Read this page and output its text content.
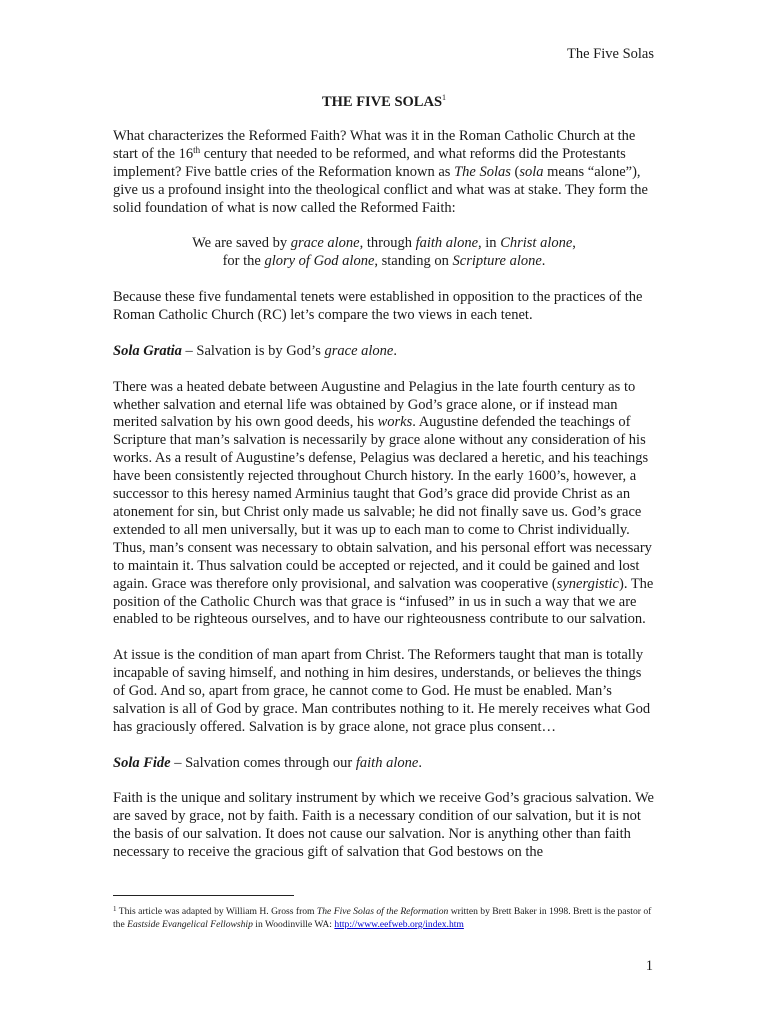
The Five Solas
THE FIVE SOLAS$^1$

What characterizes the Reformed Faith? What was it in the Roman Catholic Church at the start of the 16th century that needed to be reformed, and what reforms did the Protestants implement? Five battle cries of the Reformation known as The Solas (sola means “alone”), give us a profound insight into the theological conflict and what was at stake. They form the solid foundation of what is now called the Reformed Faith:

We are saved by grace alone, through faith alone, in Christ alone,

for the glory of God alone, standing on Scripture alone.

Because these five fundamental tenets were established in opposition to the practices of the Roman Catholic Church (RC) let’s compare the two views in each tenet.

Sola Gratia – Salvation is by God’s grace alone.

There was a heated debate between Augustine and Pelagius in the late fourth century as to whether salvation and eternal life was obtained by God’s grace alone, or if instead man merited salvation by his own good deeds, his works. Augustine defended the teachings of Scripture that man’s salvation is necessarily by grace alone without any consideration of his works. As a result of Augustine’s defense, Pelagius was declared a heretic, and his teachings have been consistently rejected throughout Church history. In the early 1600’s, however, a successor to this heresy named Arminius taught that God’s grace did provide Christ as an atonement for sin, but Christ only made us salvable; he did not finally save us. God’s grace extended to all men universally, but it was up to each man to come to Christ individually. Thus, man’s consent was necessary to obtain salvation, and his personal effort was necessary to maintain it. Thus salvation could be accepted or rejected, and it could be gained and lost again. Grace was therefore only provisional, and salvation was cooperative (synergistic). The position of the Catholic Church was that grace is “infused” in us in such a way that we are enabled to be righteous ourselves, and to have our righteousness contribute to our salvation.

At issue is the condition of man apart from Christ. The Reformers taught that man is totally incapable of saving himself, and nothing in him desires, understands, or believes the things of God. And so, apart from grace, he cannot come to God. He must be enabled. Man’s salvation is all of God by grace. Man contributes nothing to it. He merely receives what God has graciously offered. Salvation is by grace alone, not grace plus consent…

Sola Fide – Salvation comes through our faith alone.

Faith is the unique and solitary instrument by which we receive God’s gracious salvation. We are saved by grace, not by faith. Faith is a necessary condition of our salvation, but it is not the basis of our salvation. It does not cause our salvation. Nor is anything other than faith necessary to receive the gracious gift of salvation that God bestows on the

$^1$ This article was adapted by William H. Gross from The Five Solas of the Reformation written by Brett Baker in 1998. Brett is the pastor of the Eastside Evangelical Fellowship in Woodinville WA: http://www.eefweb.org/index.htm
1
